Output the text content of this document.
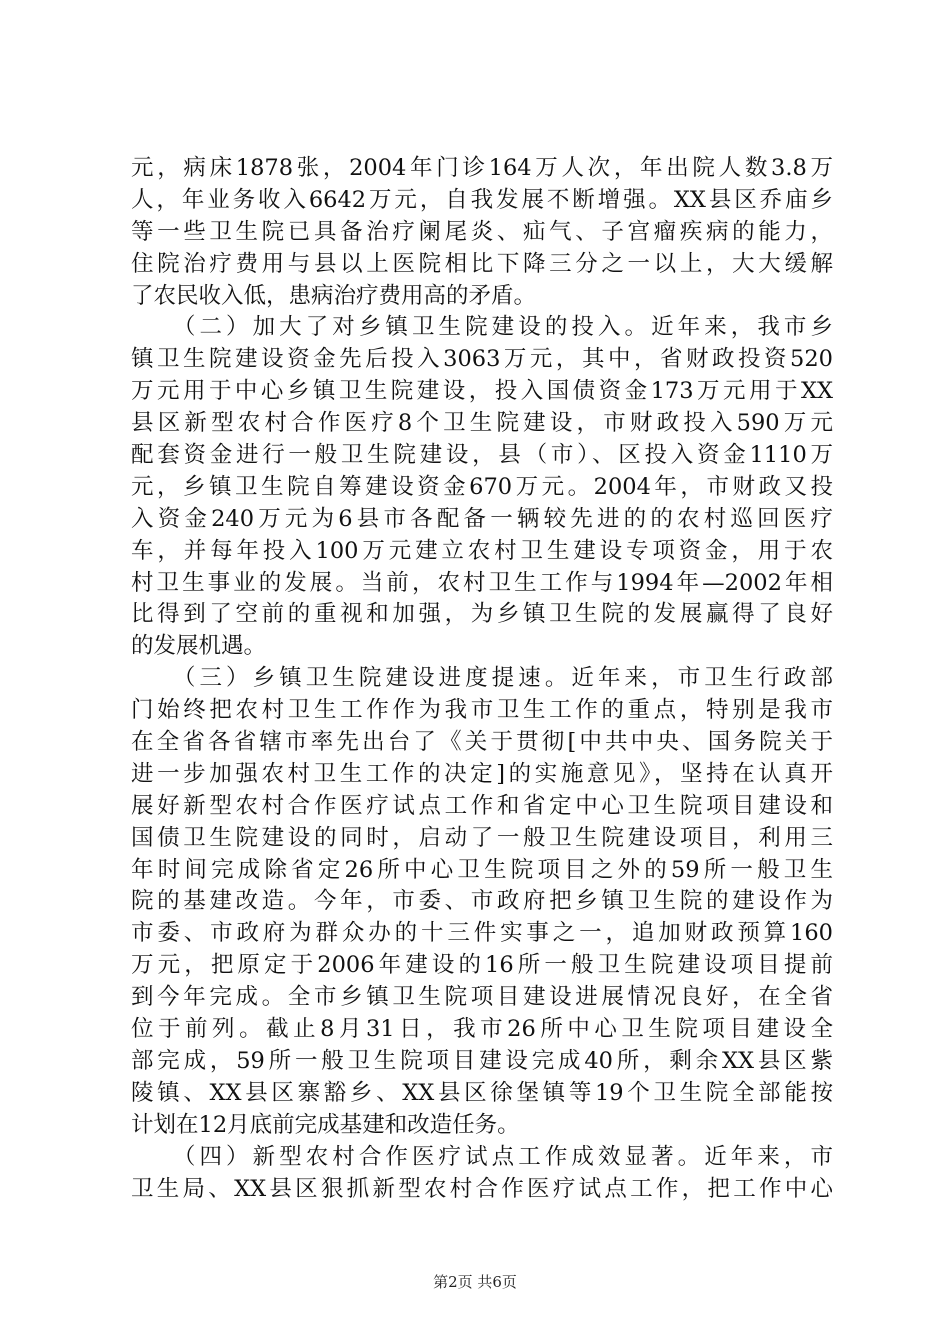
元，病床1878张，2004年门诊164万人次，年出院人数3.8万
人，年业务收入6642万元，自我发展不断增强。XX县区乔庙乡
等一些卫生院已具备治疗阑尾炎、疝气、子宫瘤疾病的能力，
住院治疗费用与县以上医院相比下降三分之一以上，大大缓解
了农民收入低，患病治疗费用高的矛盾。
　　（二）加大了对乡镇卫生院建设的投入。近年来，我市乡
镇卫生院建设资金先后投入3063万元，其中，省财政投资520
万元用于中心乡镇卫生院建设，投入国债资金173万元用于XX
县区新型农村合作医疗8个卫生院建设，市财政投入590万元
配套资金进行一般卫生院建设，县（市）、区投入资金1110万
元，乡镇卫生院自筹建设资金670万元。2004年，市财政又投
入资金240万元为6县市各配备一辆较先进的的农村巡回医疗
车，并每年投入100万元建立农村卫生建设专项资金，用于农
村卫生事业的发展。当前，农村卫生工作与1994年—2002年相
比得到了空前的重视和加强，为乡镇卫生院的发展赢得了良好
的发展机遇。
　　（三）乡镇卫生院建设进度提速。近年来，市卫生行政部
门始终把农村卫生工作作为我市卫生工作的重点，特别是我市
在全省各省辖市率先出台了《关于贯彻[中共中央、国务院关于
进一步加强农村卫生工作的决定]的实施意见》，坚持在认真开
展好新型农村合作医疗试点工作和省定中心卫生院项目建设和
国债卫生院建设的同时，启动了一般卫生院建设项目，利用三
年时间完成除省定26所中心卫生院项目之外的59所一般卫生
院的基建改造。今年，市委、市政府把乡镇卫生院的建设作为
市委、市政府为群众办的十三件实事之一，追加财政预算160
万元，把原定于2006年建设的16所一般卫生院建设项目提前
到今年完成。全市乡镇卫生院项目建设进展情况良好，在全省
位于前列。截止8月31日，我市26所中心卫生院项目建设全
部完成，59所一般卫生院项目建设完成40所，剩余XX县区紫
陵镇、XX县区寨豁乡、XX县区徐堡镇等19个卫生院全部能按
计划在12月底前完成基建和改造任务。
　　（四）新型农村合作医疗试点工作成效显著。近年来，市
卫生局、XX县区狠抓新型农村合作医疗试点工作，把工作中心
第2页 共6页
